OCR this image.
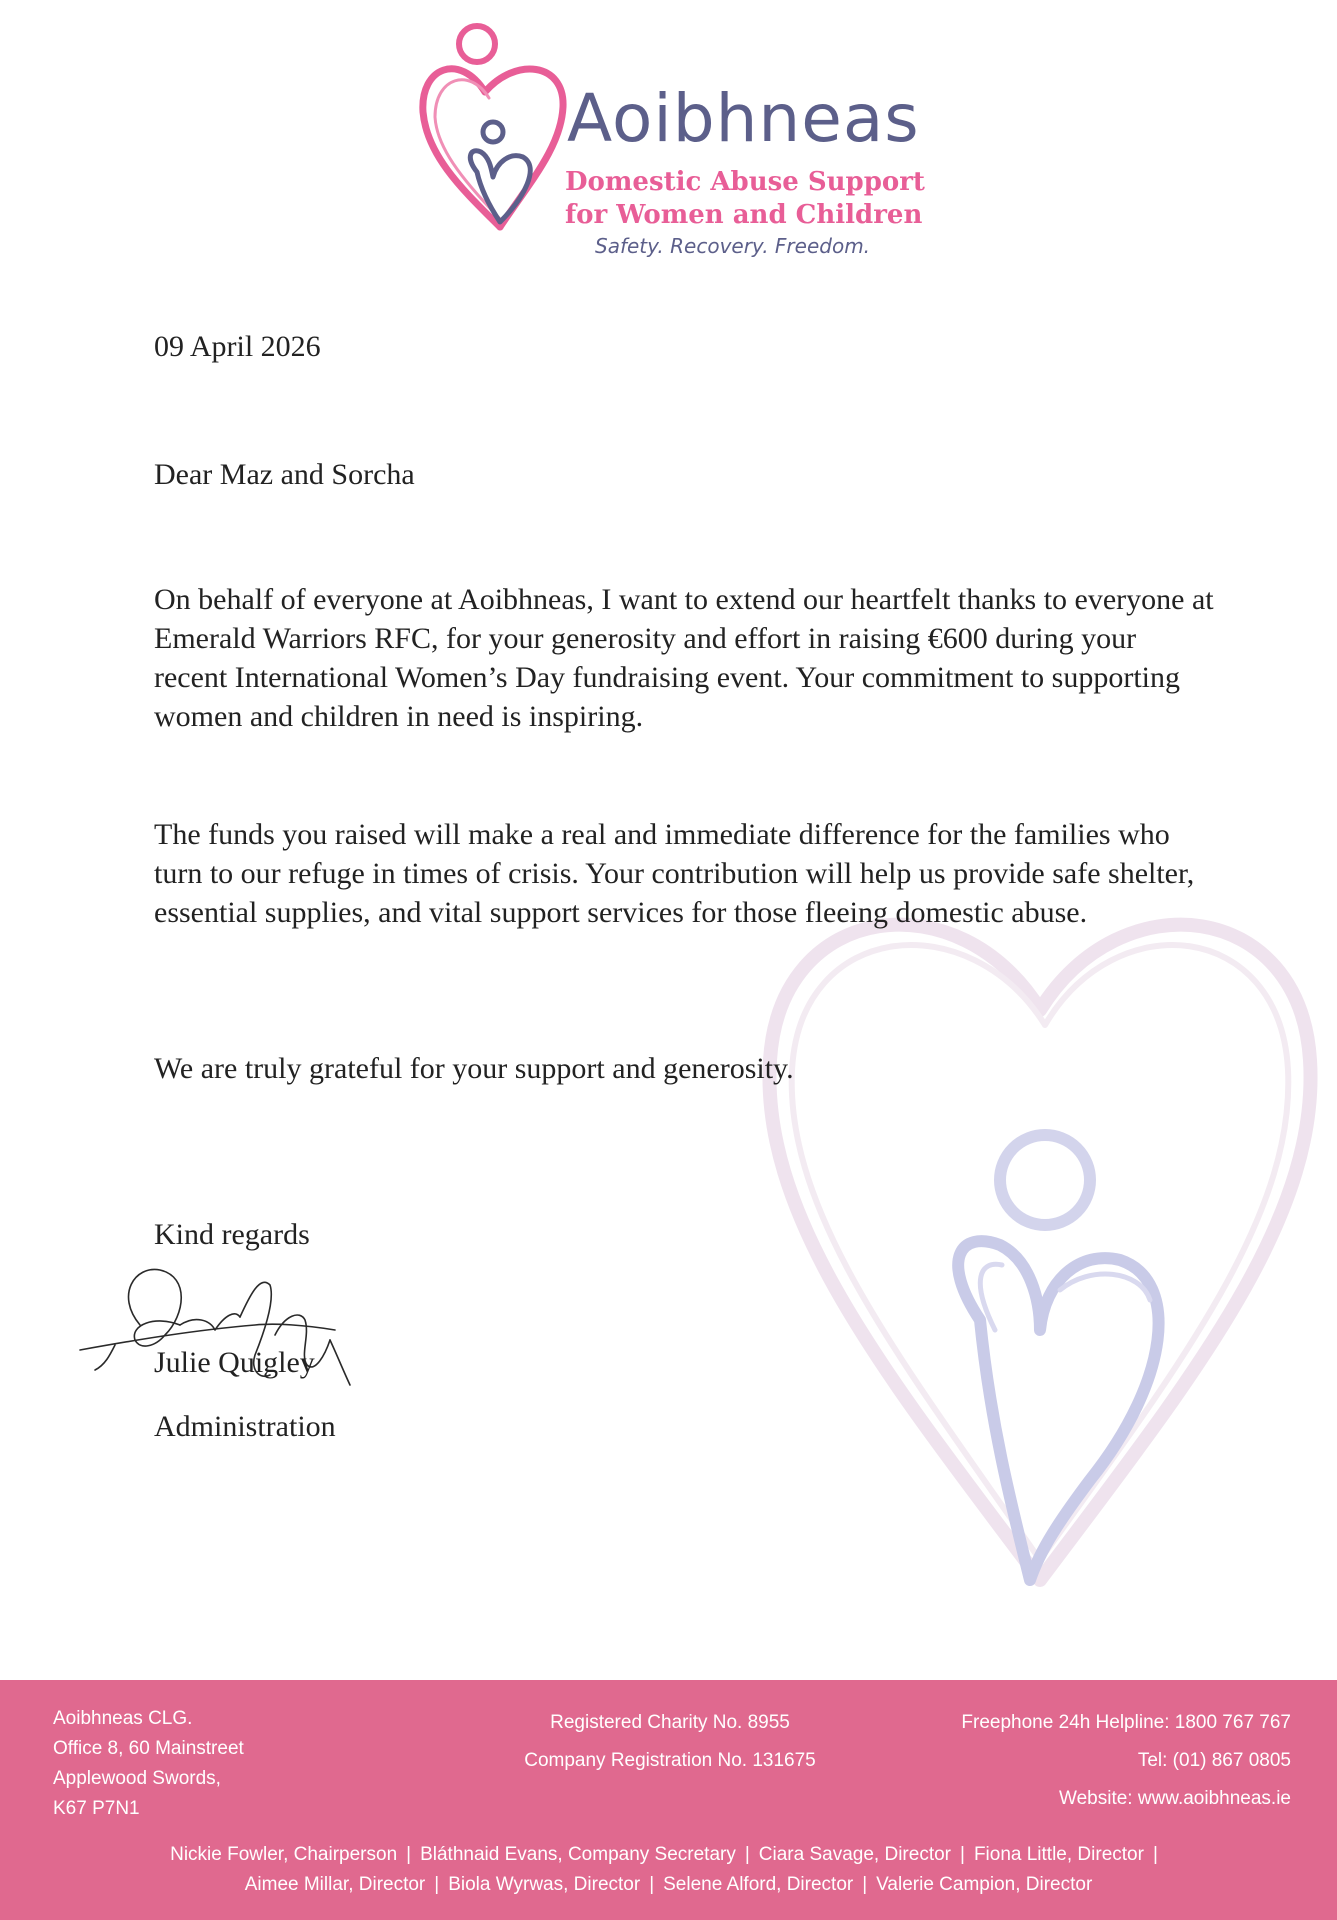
Aoibhneas
Domestic Abuse Support
for Women and Children
Safety. Recovery. Freedom.
09 April 2026
Dear Maz and Sorcha
On behalf of everyone at Aoibhneas, I want to extend our heartfelt thanks to everyone at Emerald Warriors RFC, for your generosity and effort in raising €600 during your recent International Women’s Day fundraising event. Your commitment to supporting women and children in need is inspiring.
The funds you raised will make a real and immediate difference for the families who turn to our refuge in times of crisis. Your contribution will help us provide safe shelter, essential supplies, and vital support services for those fleeing domestic abuse.
We are truly grateful for your support and generosity.
Kind regards
Julie Quigley
Administration
Aoibhneas CLG.
Office 8, 60 Mainstreet
Applewood Swords,
K67 P7N1
Registered Charity No. 8955
Company Registration No. 131675
Freephone 24h Helpline: 1800 767 767
Tel: (01) 867 0805
Website: www.aoibhneas.ie
Nickie Fowler, Chairperson | Bláthnaid Evans, Company Secretary | Ciara Savage, Director | Fiona Little, Director |
Aimee Millar, Director | Biola Wyrwas, Director | Selene Alford, Director | Valerie Campion, Director
